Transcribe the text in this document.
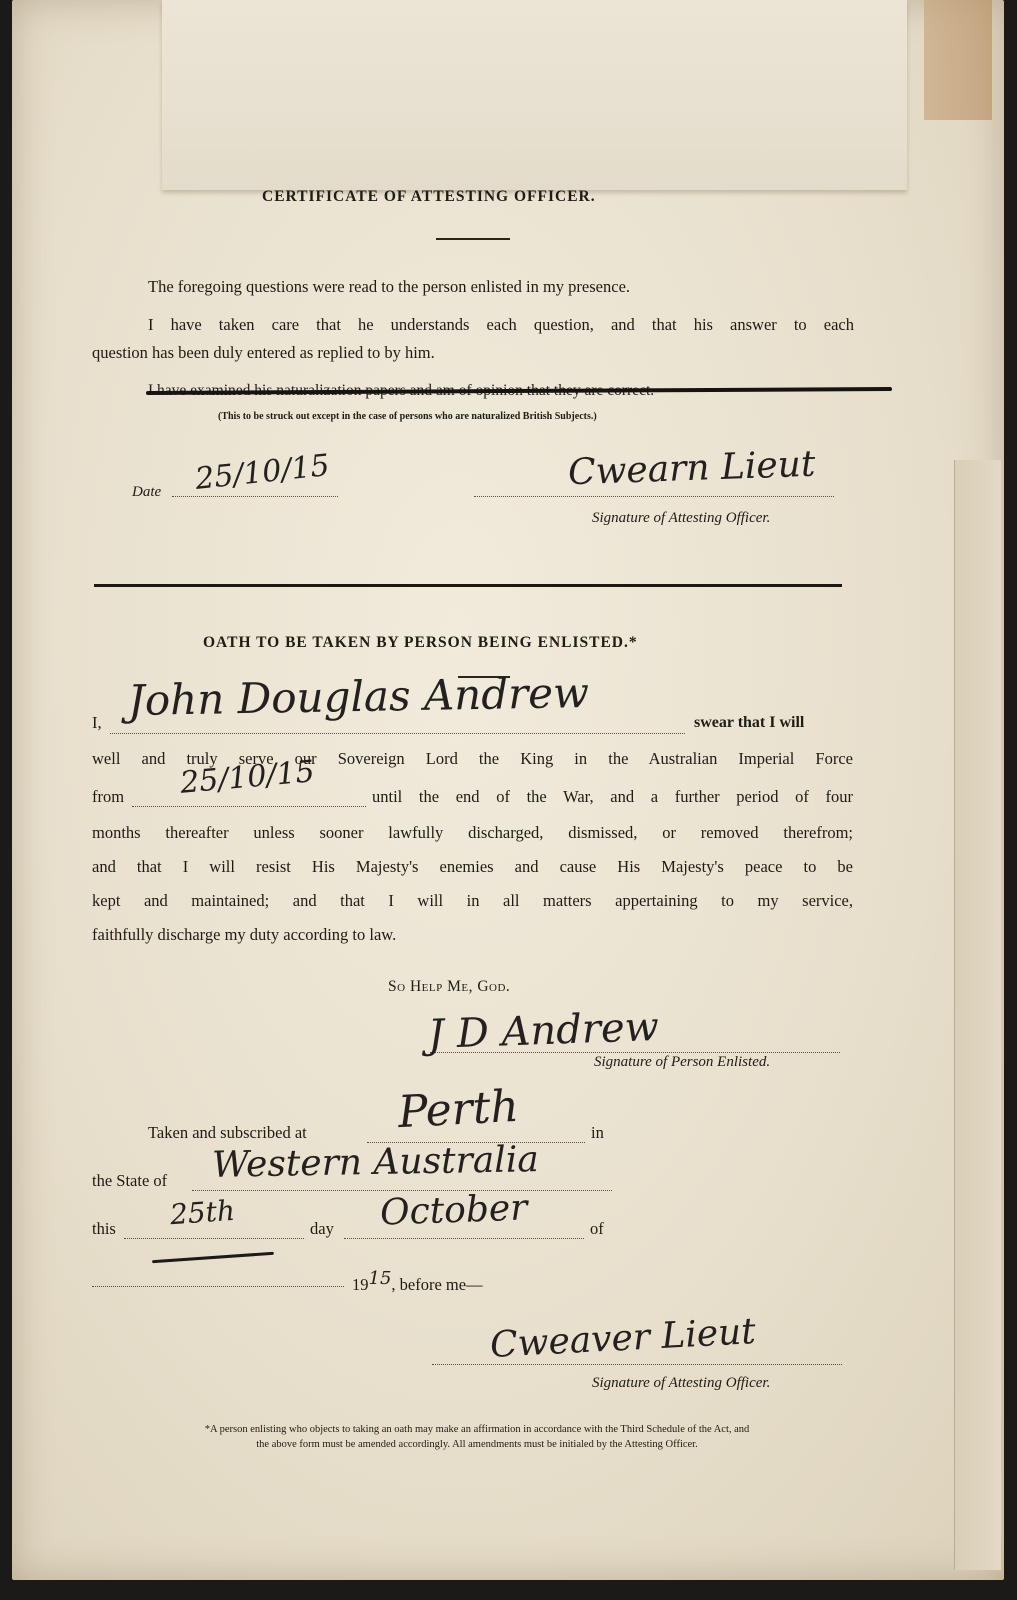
CERTIFICATE OF ATTESTING OFFICER.
The foregoing questions were read to the person enlisted in my presence.
I have taken care that he understands each question, and that his answer to each
question has been duly entered as replied to by him.
(This to be struck out except in the case of persons who are naturalized British Subjects.)
Date 25/10/15	Cwearn Lieut
Signature of Attesting Officer.
OATH TO BE TAKEN BY PERSON BEING ENLISTED.*
I, John Douglas Andrew	swear that I will
well and truly serve our Sovereign Lord the King in the Australian Imperial Force
from 25/10/15	until the end of the War, and a further period of four
months thereafter unless sooner lawfully discharged, dismissed, or removed therefrom;
and that I will resist His Majesty's enemies and cause His Majesty's peace to be
kept and maintained; and that I will in all matters appertaining to my service,
faithfully discharge my duty according to law.
So Help Me, God.
J D Andrew
Signature of Person Enlisted.
Taken and subscribed at Perth	in
the State of Western Australia
this 25th	day October	of
1915, before me—
Cweaver Lieut
Signature of Attesting Officer.
*A person enlisting who objects to taking an oath may make an affirmation in accordance with the Third Schedule of the Act, and
the above form must be amended accordingly. All amendments must be initialed by the Attesting Officer.
